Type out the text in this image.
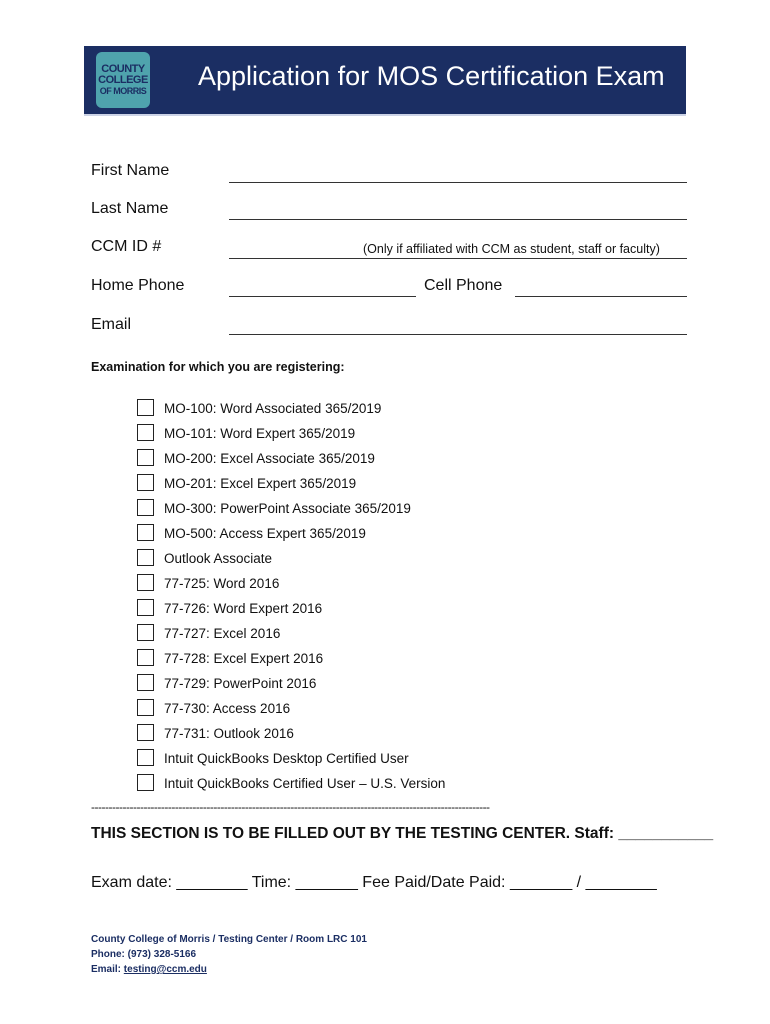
COUNTY
COLLEGE
OF MORRIS Application for MOS Certification Exam
First Name
Last Name
CCM ID #	(Only if affiliated with CCM as student, staff or faculty)
Home Phone	Cell Phone
Email
Examination for which you are registering:
MO-100: Word Associated 365/2019
MO-101: Word Expert 365/2019
MO-200: Excel Associate 365/2019
MO-201: Excel Expert 365/2019
MO-300: PowerPoint Associate 365/2019
MO-500: Access Expert 365/2019
Outlook Associate
77-725: Word 2016
77-726: Word Expert 2016
77-727: Excel 2016
77-728: Excel Expert 2016
77-729: PowerPoint 2016
77-730: Access 2016
77-731: Outlook 2016
Intuit QuickBooks Desktop Certified User
Intuit QuickBooks Certified User – U.S. Version
------------------------------------------------------------------------------------------------------------------
THIS SECTION IS TO BE FILLED OUT BY THE TESTING CENTER. Staff: ___________
Exam date: ________ Time: _______ Fee Paid/Date Paid: _______ / ________
County College of Morris / Testing Center / Room LRC 101
Phone: (973) 328-5166
Email: testing@ccm.edu
